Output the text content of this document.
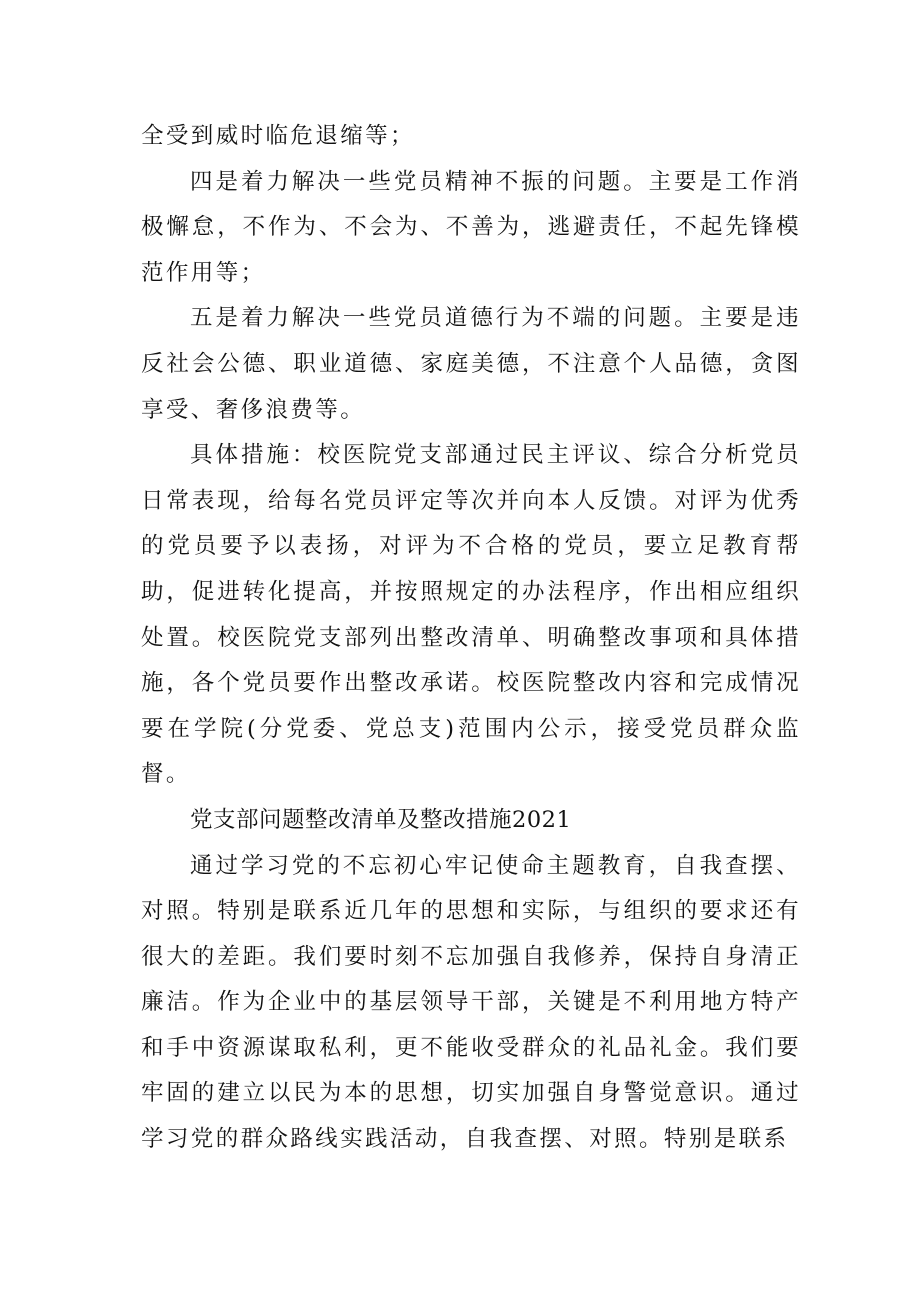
全受到威时临危退缩等；

四是着力解决一些党员精神不振的问题。主要是工作消极懈怠，不作为、不会为、不善为，逃避责任，不起先锋模范作用等；

五是着力解决一些党员道德行为不端的问题。主要是违反社会公德、职业道德、家庭美德，不注意个人品德，贪图享受、奢侈浪费等。

具体措施：校医院党支部通过民主评议、综合分析党员日常表现，给每名党员评定等次并向本人反馈。对评为优秀的党员要予以表扬，对评为不合格的党员，要立足教育帮助，促进转化提高，并按照规定的办法程序，作出相应组织处置。校医院党支部列出整改清单、明确整改事项和具体措施，各个党员要作出整改承诺。校医院整改内容和完成情况要在学院(分党委、党总支)范围内公示，接受党员群众监督。

党支部问题整改清单及整改措施2021

通过学习党的不忘初心牢记使命主题教育，自我查摆、对照。特别是联系近几年的思想和实际，与组织的要求还有很大的差距。我们要时刻不忘加强自我修养，保持自身清正廉洁。作为企业中的基层领导干部，关键是不利用地方特产和手中资源谋取私利，更不能收受群众的礼品礼金。我们要牢固的建立以民为本的思想，切实加强自身警觉意识。通过学习党的群众路线实践活动，自我查摆、对照。特别是联系
